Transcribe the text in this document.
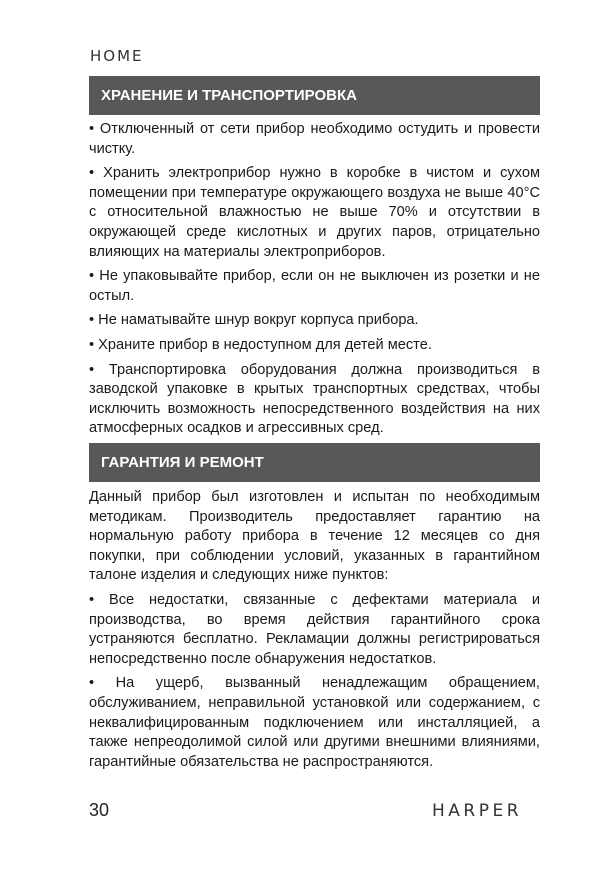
HOME
ХРАНЕНИЕ И ТРАНСПОРТИРОВКА

• Отключенный от сети прибор необходимо остудить и провести чистку.

• Хранить электроприбор нужно в коробке в чистом и сухом помещении при температуре окружающего воздуха не выше 40°С с относительной влажностью не выше 70% и отсутствии в окружающей среде кислотных и других паров, отрицательно влияющих на материалы электроприборов.

• Не упаковывайте прибор, если он не выключен из розетки и не остыл.

• Не наматывайте шнур вокруг корпуса прибора.

• Храните прибор в недоступном для детей месте.

• Транспортировка оборудования должна производиться в заводской упаковке в крытых транспортных средствах, чтобы исключить возможность непосредственного воздействия на них атмосферных осадков и агрессивных сред.

ГАРАНТИЯ И РЕМОНТ

Данный прибор был изготовлен и испытан по необходимым методикам. Производитель предоставляет гарантию на нормальную работу прибора в течение 12 месяцев со дня покупки, при соблюдении условий, указанных в гарантийном талоне изделия и следующих ниже пунктов:

• Все недостатки, связанные с дефектами материала и производства, во время действия гарантийного срока устраняются бесплатно. Рекламации должны регистрироваться непосредственно после обнаружения недостатков.

• На ущерб, вызванный ненадлежащим обращением, обслуживанием, неправильной установкой или содержанием, с неквалифицированным подключением или инсталляцией, а также непреодолимой силой или другими внешними влияниями, гарантийные обязательства не распространяются.

30	HARPER
